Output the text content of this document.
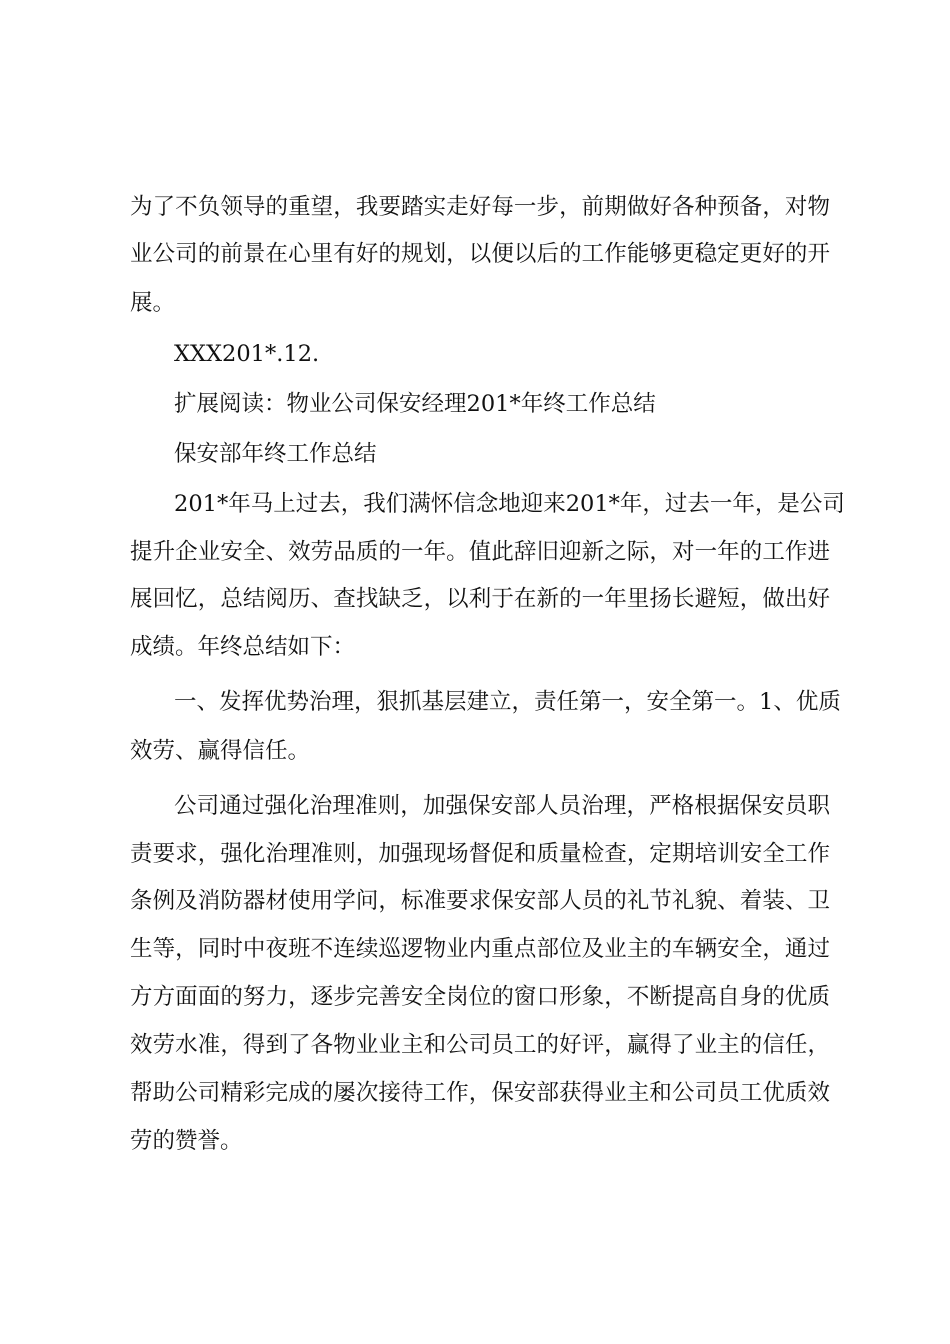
为了不负领导的重望，我要踏实走好每一步，前期做好各种预备，对物
业公司的前景在心里有好的规划，以便以后的工作能够更稳定更好的开
展。
XXX201*.12.
扩展阅读：物业公司保安经理201*年终工作总结
保安部年终工作总结
201*年马上过去，我们满怀信念地迎来201*年，过去一年，是公司
提升企业安全、效劳品质的一年。值此辞旧迎新之际，对一年的工作进
展回忆，总结阅历、查找缺乏，以利于在新的一年里扬长避短，做出好
成绩。年终总结如下：
一、发挥优势治理，狠抓基层建立，责任第一，安全第一。1、优质
效劳、赢得信任。
公司通过强化治理准则，加强保安部人员治理，严格根据保安员职
责要求，强化治理准则，加强现场督促和质量检查，定期培训安全工作
条例及消防器材使用学问，标准要求保安部人员的礼节礼貌、着装、卫
生等，同时中夜班不连续巡逻物业内重点部位及业主的车辆安全，通过
方方面面的努力，逐步完善安全岗位的窗口形象，不断提高自身的优质
效劳水准，得到了各物业业主和公司员工的好评，赢得了业主的信任，
帮助公司精彩完成的屡次接待工作，保安部获得业主和公司员工优质效
劳的赞誉。
